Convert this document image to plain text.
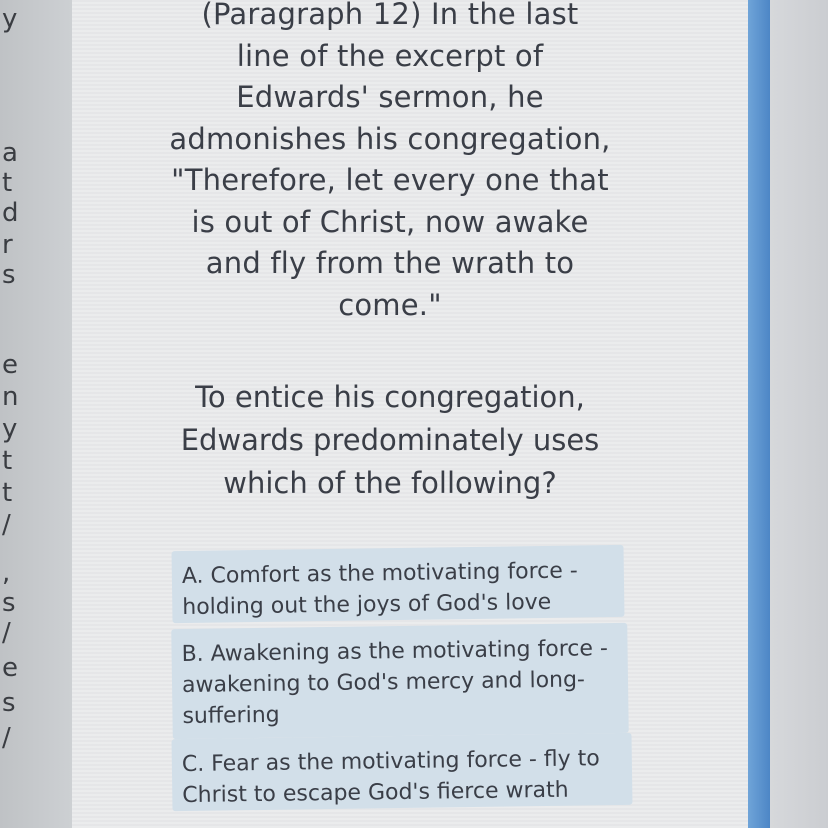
y
a
t
d
r
s
e
n
y
t
t
/
,
s
/
e
s
/

(Paragraph 12) In the last

line of the excerpt of

Edwards' sermon, he

admonishes his congregation,

"Therefore, let every one that

is out of Christ, now awake

and fly from the wrath to

come."

To entice his congregation,

Edwards predominately uses

which of the following?

A. Comfort as the motivating force - holding out the joys of God's love
B. Awakening as the motivating force - awakening to God's mercy and long-suffering
C. Fear as the motivating force - fly to Christ to escape God's fierce wrath
